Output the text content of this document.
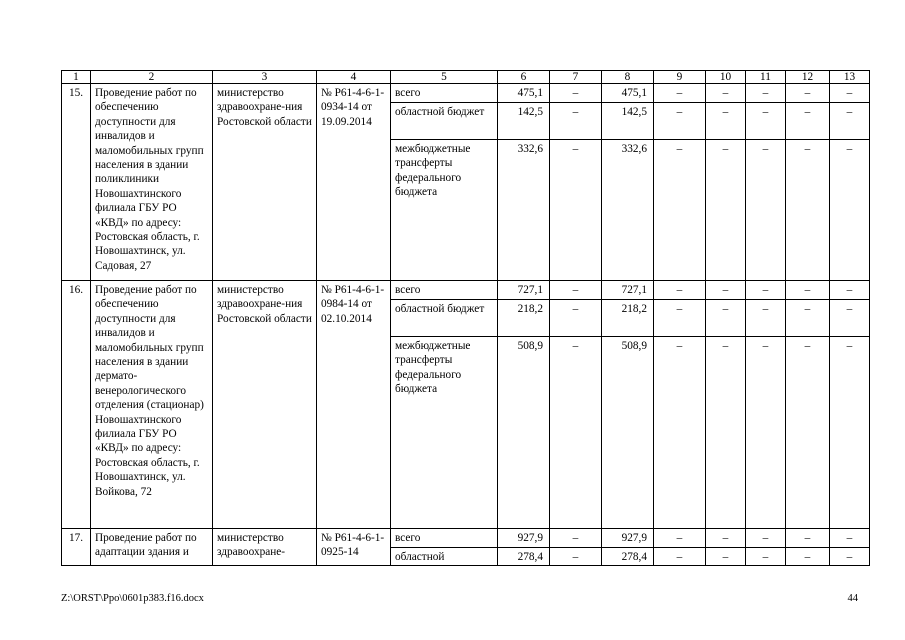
1	2	3	4	5	6	7	8	9	10	11	12	13
15.	Проведение работ по обеспечению доступности для инвалидов и маломобильных групп населения в здании поликлиники Новошахтинского филиала ГБУ РО «КВД» по адресу: Ростовская область, г. Новошахтинск, ул. Садовая, 27	министерство здравоохране-ния Ростовской области	№ Р61-4-6-1-0934-14 от 19.09.2014	всего	475,1	–	475,1	–	–	–	–	–
				областной бюджет	142,5	–	142,5	–	–	–	–	–
				межбюджетные трансферты федерального бюджета	332,6	–	332,6	–	–	–	–	–
16.	Проведение работ по обеспечению доступности для инвалидов и маломобильных групп населения в здании дермато-венерологического отделения (стационар) Новошахтинского филиала ГБУ РО «КВД» по адресу: Ростовская область, г. Новошахтинск, ул. Войкова, 72	министерство здравоохране-ния Ростовской области	№ Р61-4-6-1-0984-14 от 02.10.2014	всего	727,1	–	727,1	–	–	–	–	–
				областной бюджет	218,2	–	218,2	–	–	–	–	–
				межбюджетные трансферты федерального бюджета	508,9	–	508,9	–	–	–	–	–
17.	Проведение работ по адаптации здания и	министерство здравоохране-	№ Р61-4-6-1-0925-14	всего	927,9	–	927,9	–	–	–	–	–
				областной	278,4	–	278,4	–	–	–	–	–
Z:\ORST\Ppo\0601p383.f16.docx	44
